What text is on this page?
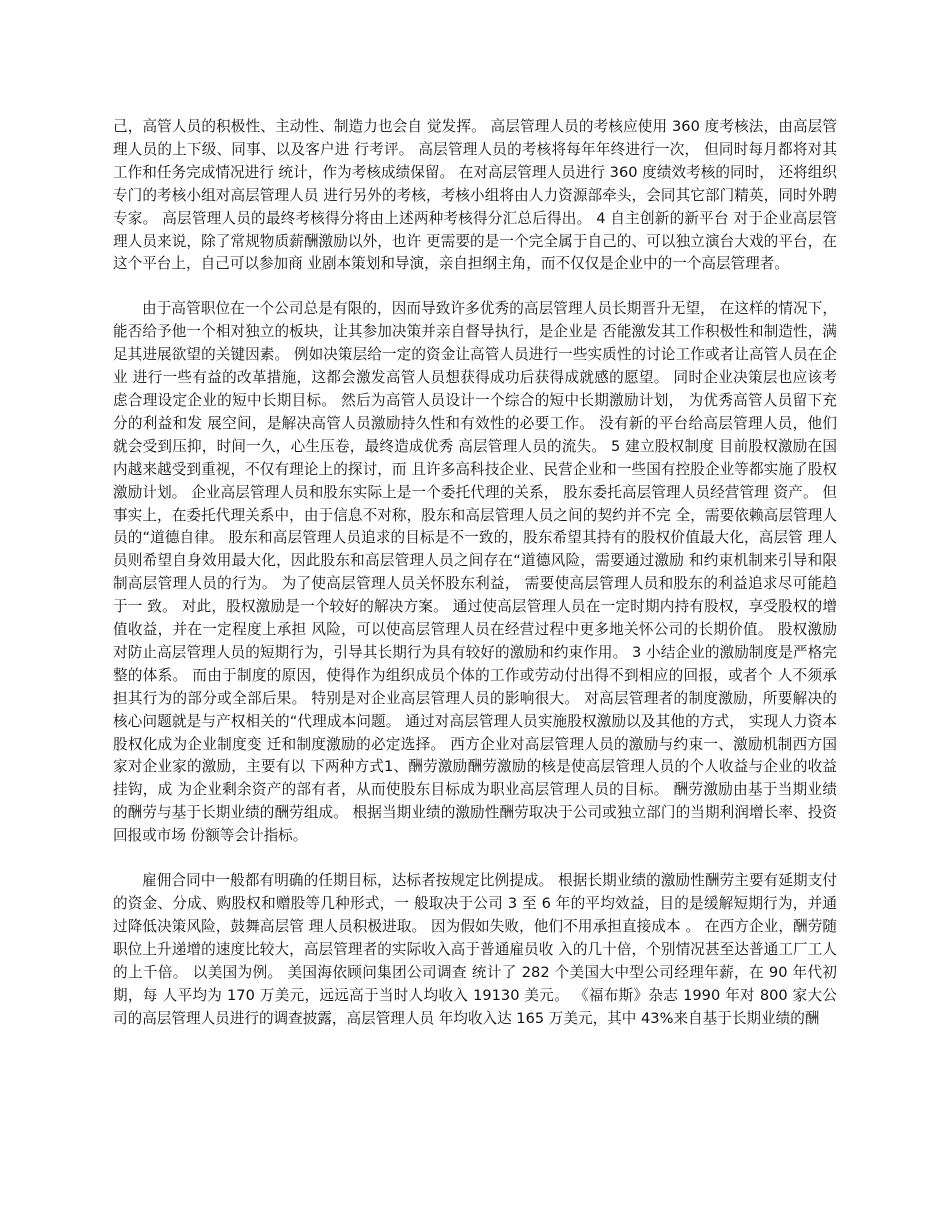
己，高管人员的积极性、主动性、制造力也会自 觉发挥。 高层管理人员的考核应使用 360 度考核法，由高层管理人员的上下级、同事、以及客户进 行考评。 高层管理人员的考核将每年年终进行一次， 但同时每月都将对其工作和任务完成情况进行 统计，作为考核成绩保留。 在对高层管理人员进行 360 度绩效考核的同时， 还将组织专门的考核小组对高层管理人员 进行另外的考核，考核小组将由人力资源部牵头，会同其它部门精英，同时外聘专家。 高层管理人员的最终考核得分将由上述两种考核得分汇总后得出。 4 自主创新的新平台 对于企业高层管理人员来说，除了常规物质薪酬激励以外，也许 更需要的是一个完全属于自己的、可以独立演台大戏的平台，在这个平台上，自己可以参加商 业剧本策划和导演，亲自担纲主角，而不仅仅是企业中的一个高层管理者。

由于高管职位在一个公司总是有限的，因而导致许多优秀的高层管理人员长期晋升无望， 在这样的情况下，能否给予他一个相对独立的板块，让其参加决策并亲自督导执行，是企业是 否能激发其工作积极性和制造性，满足其进展欲望的关键因素。 例如决策层给一定的资金让高管人员进行一些实质性的讨论工作或者让高管人员在企业 进行一些有益的改革措施，这都会激发高管人员想获得成功后获得成就感的愿望。 同时企业决策层也应该考虑合理设定企业的短中长期目标。 然后为高管人员设计一个综合的短中长期激励计划， 为优秀高管人员留下充分的利益和发 展空间，是解决高管人员激励持久性和有效性的必要工作。 没有新的平台给高层管理人员，他们就会受到压抑，时间一久，心生压卷，最终造成优秀 高层管理人员的流失。 5 建立股权制度 目前股权激励在国内越来越受到重视，不仅有理论上的探讨，而 且许多高科技企业、民营企业和一些国有控股企业等都实施了股权激励计划。 企业高层管理人员和股东实际上是一个委托代理的关系， 股东委托高层管理人员经营管理 资产。 但事实上，在委托代理关系中，由于信息不对称，股东和高层管理人员之间的契约并不完 全，需要依赖高层管理人员的“道德自律。 股东和高层管理人员追求的目标是不一致的，股东希望其持有的股权价值最大化，高层管 理人员则希望自身效用最大化，因此股东和高层管理人员之间存在“道德风险，需要通过激励 和约束机制来引导和限制高层管理人员的行为。 为了使高层管理人员关怀股东利益， 需要使高层管理人员和股东的利益追求尽可能趋于一 致。 对此，股权激励是一个较好的解决方案。 通过使高层管理人员在一定时期内持有股权，享受股权的增值收益，并在一定程度上承担 风险，可以使高层管理人员在经营过程中更多地关怀公司的长期价值。 股权激励对防止高层管理人员的短期行为，引导其长期行为具有较好的激励和约束作用。 3 小结企业的激励制度是严格完整的体系。 而由于制度的原因，使得作为组织成员个体的工作或劳动付出得不到相应的回报，或者个 人不须承担其行为的部分或全部后果。 特别是对企业高层管理人员的影响很大。 对高层管理者的制度激励，所要解决的核心问题就是与产权相关的“代理成本问题。 通过对高层管理人员实施股权激励以及其他的方式， 实现人力资本股权化成为企业制度变 迁和制度激励的必定选择。 西方企业对高层管理人员的激励与约束一、激励机制西方国家对企业家的激励，主要有以 下两种方式1、酬劳激励酬劳激励的核是使高层管理人员的个人收益与企业的收益挂钩，成 为企业剩余资产的部有者，从而使股东目标成为职业高层管理人员的目标。 酬劳激励由基于当期业绩的酬劳与基于长期业绩的酬劳组成。 根据当期业绩的激励性酬劳取决于公司或独立部门的当期利润增长率、投资 回报或市场 份额等会计指标。

雇佣合同中一般都有明确的任期目标，达标者按规定比例提成。 根据长期业绩的激励性酬劳主要有延期支付的资金、分成、购股权和赠股等几种形式，一 般取决于公司 3 至 6 年的平均效益，目的是缓解短期行为，并通过降低决策风险，鼓舞高层管 理人员积极进取。 因为假如失败，他们不用承担直接成本 。 在西方企业，酬劳随职位上升递增的速度比较大，高层管理者的实际收入高于普通雇员收 入的几十倍，个别情况甚至达普通工厂工人的上千倍。 以美国为例。 美国海依顾问集团公司调查 统计了 282 个美国大中型公司经理年薪，在 90 年代初期，每 人平均为 170 万美元，远远高于当时人均收入 19130 美元。 《福布斯》杂志 1990 年对 800 家大公司的高层管理人员进行的调查披露，高层管理人员 年均收入达 165 万美元，其中 43%来自基于长期业绩的酬
